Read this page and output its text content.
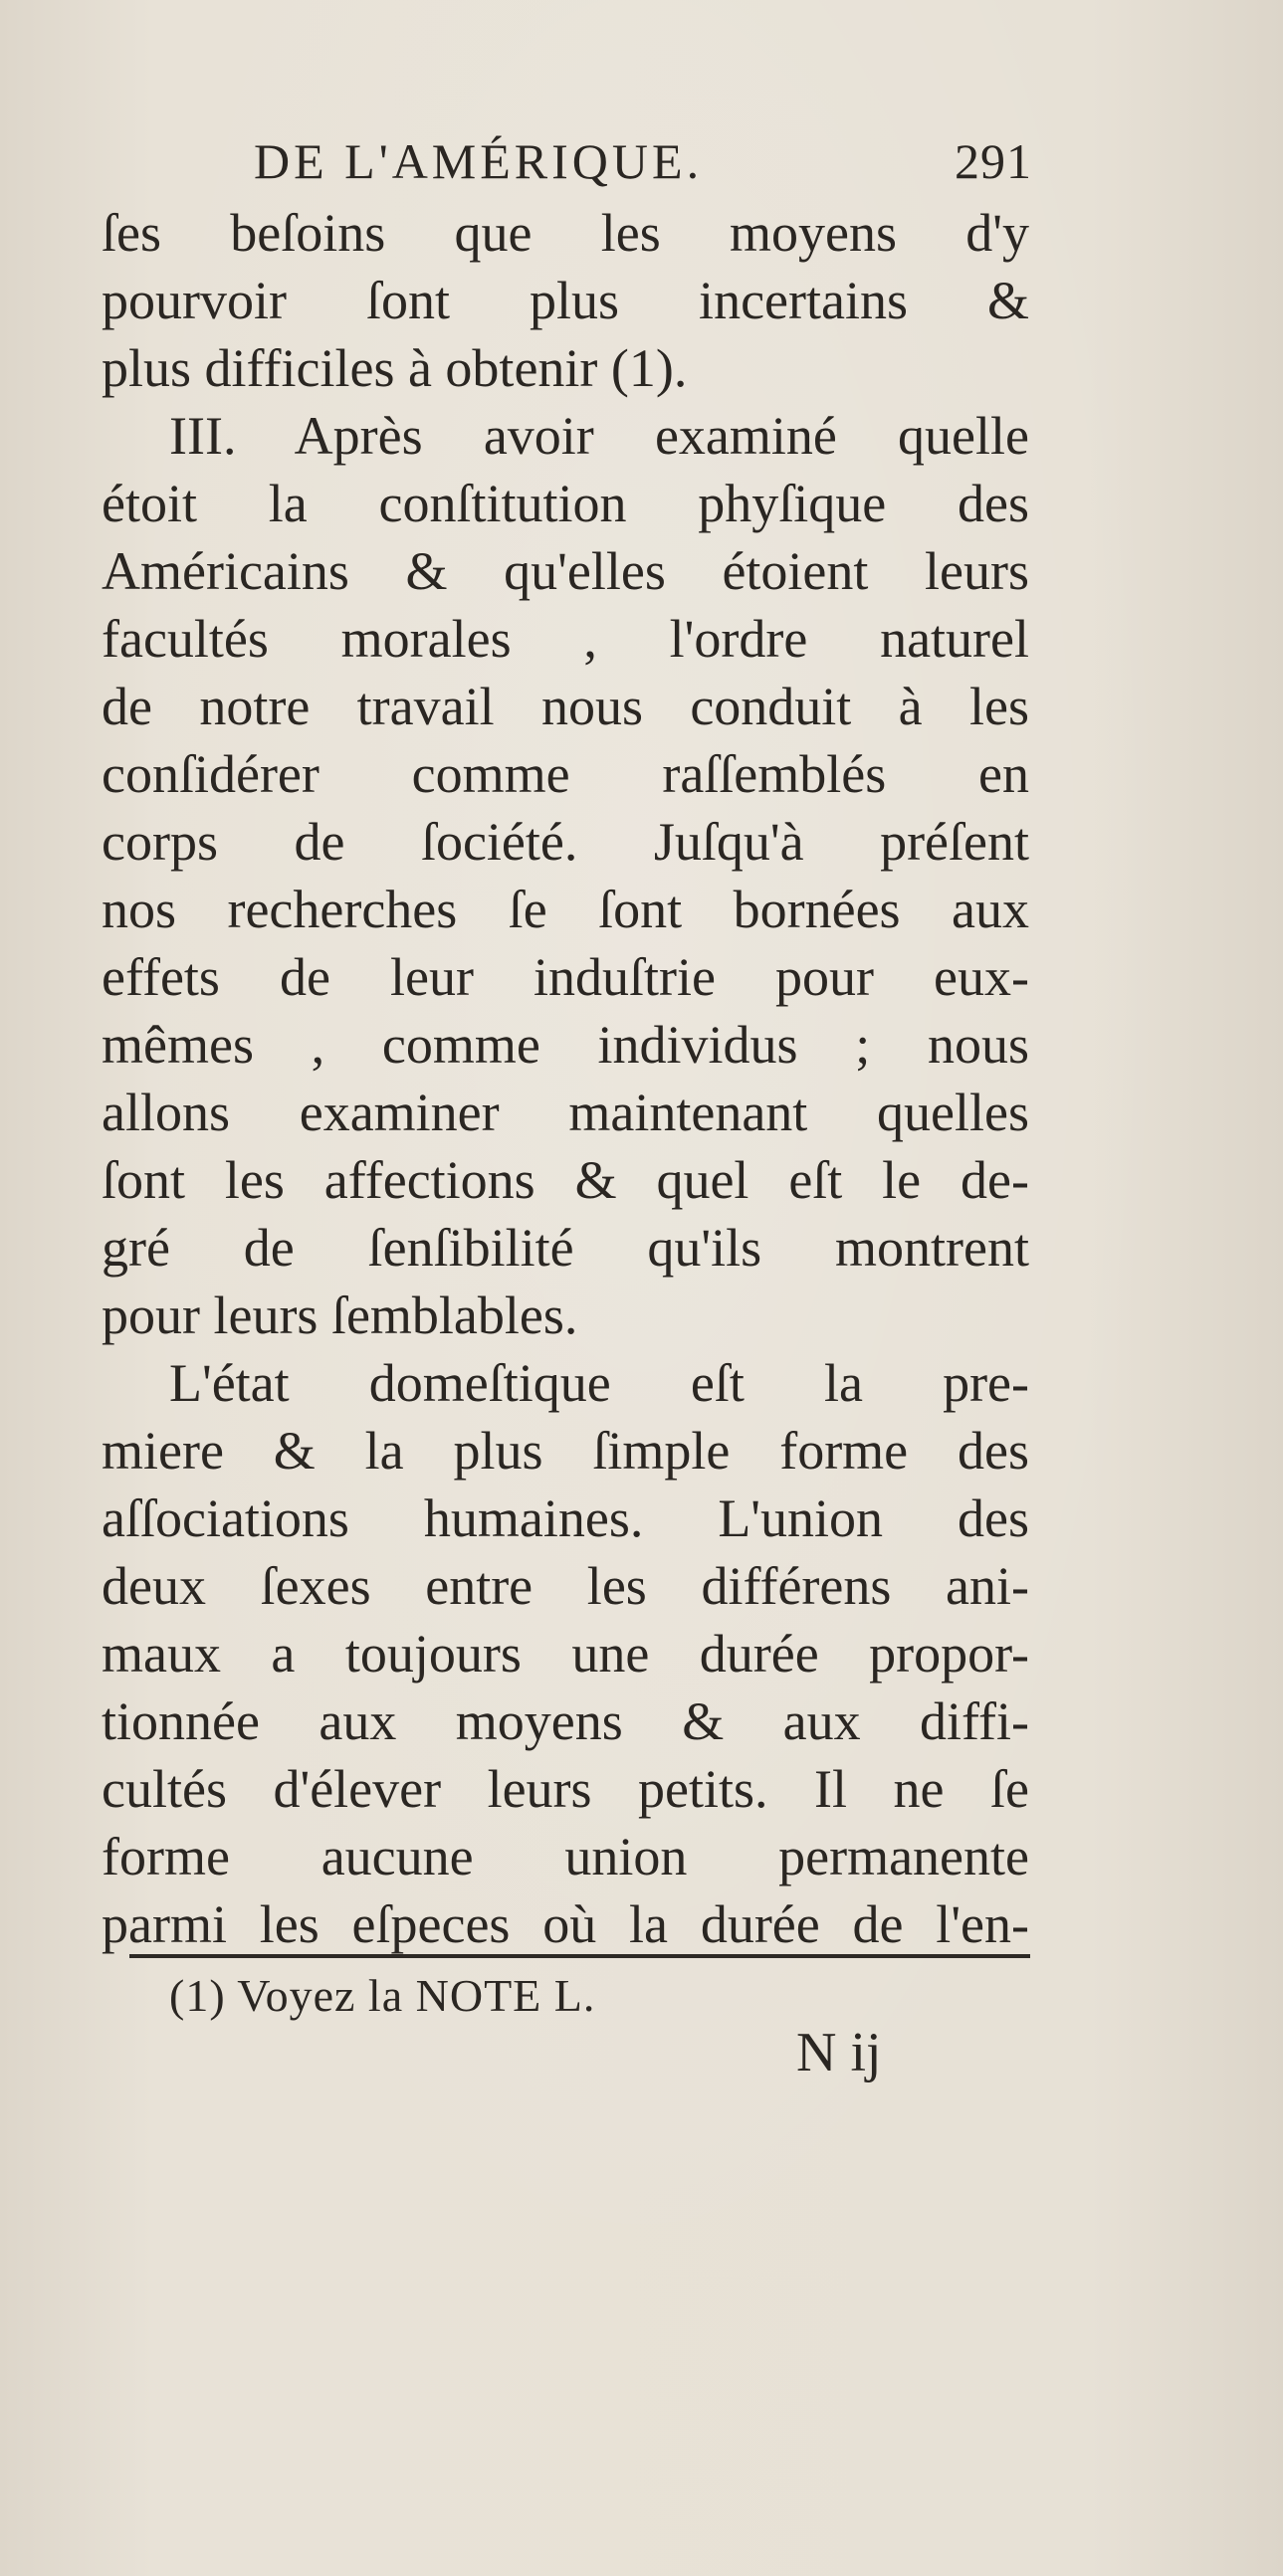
DE L'AMÉRIQUE.	291
ſes beſoins que les moyens d'y
pourvoir ſont plus incertains &
plus difficiles à obtenir (1).
III. Après avoir examiné quelle
étoit la conſtitution phyſique des
Américains & qu'elles étoient leurs
facultés morales , l'ordre naturel
de notre travail nous conduit à les
conſidérer comme raſſemblés en
corps de ſociété. Juſqu'à préſent
nos recherches ſe ſont bornées aux
effets de leur induſtrie pour eux-
mêmes , comme individus ; nous
allons examiner maintenant quelles
ſont les affections & quel eſt le de-
gré de ſenſibilité qu'ils montrent
pour leurs ſemblables.
L'état domeſtique eſt la pre-
miere & la plus ſimple forme des
aſſociations humaines. L'union des
deux ſexes entre les différens ani-
maux a toujours une durée propor-
tionnée aux moyens & aux diffi-
cultés d'élever leurs petits. Il ne ſe
forme aucune union permanente
parmi les eſpeces où la durée de l'en-
(1) Voyez la NOTE L.
N ij
